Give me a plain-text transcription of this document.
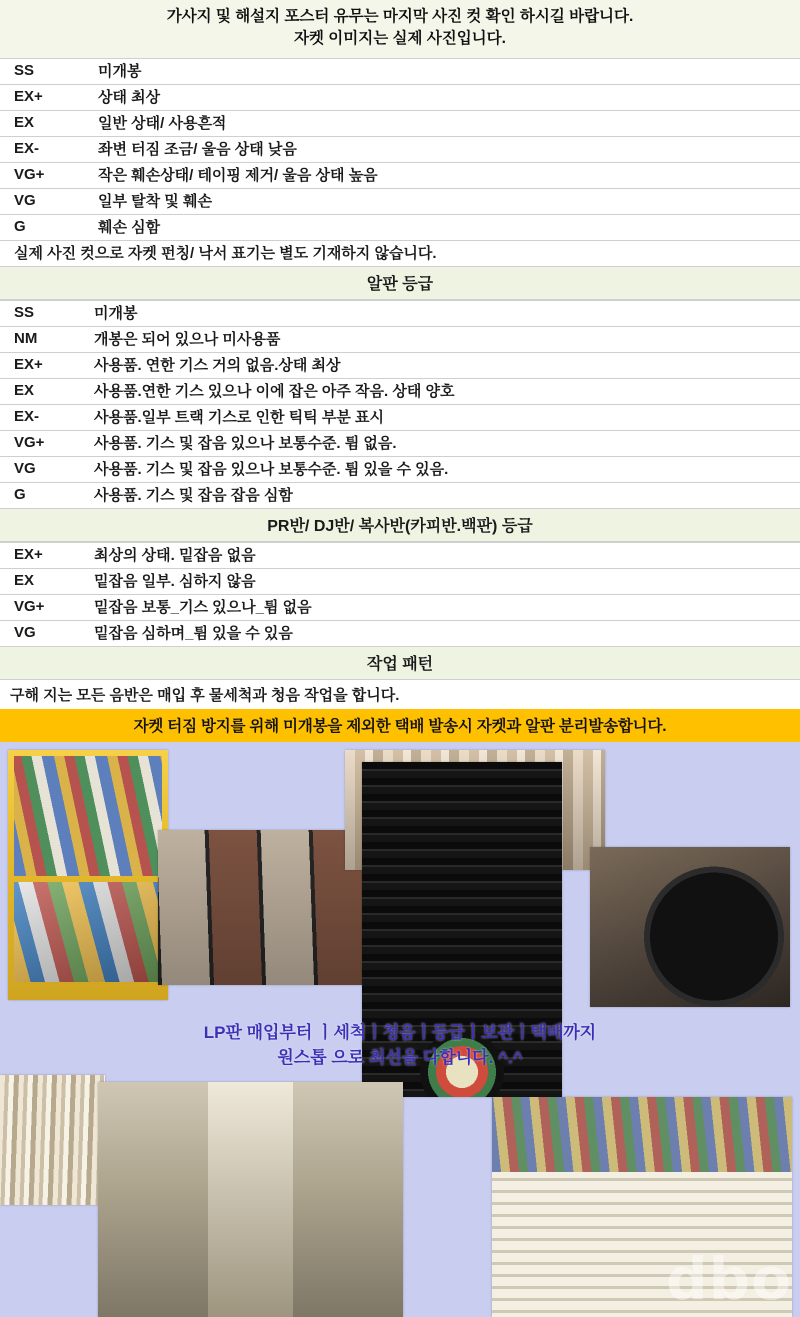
가사지 및 해설지 포스터 유무는 마지막 사진 컷 확인 하시길 바랍니다.
자켓 이미지는 실제 사진입니다.
SS	미개봉
EX+	상태 최상
EX	일반 상태/ 사용흔적
EX-	좌변 터짐 조금/ 울음 상태 낮음
VG+	작은 훼손상태/ 테이핑 제거/ 울음 상태 높음
VG	일부 탈착 및 훼손
G	훼손 심함
실제 사진 컷으로 자켓 펀칭/ 낙서 표기는 별도 기재하지 않습니다.	
알판 등급	
SS	미개봉
NM	개봉은 되어 있으나 미사용품
EX+	사용품. 연한 기스 거의 없음.상태 최상
EX	사용품.연한 기스 있으나 이에 잡은 아주 작음. 상태 양호
EX-	사용품.일부 트랙 기스로 인한 틱틱 부분 표시
VG+	사용품. 기스 및 잡음 있으나 보통수준. 튐 없음.
VG	사용품. 기스 및 잡음 있으나 보통수준. 튐 있을 수 있음.
G	사용품. 기스 및 잡음 잡음 심함
PR반/ DJ반/ 복사반(카피반.백판) 등급	
EX+	최상의 상태. 밑잡음 없음
EX	밑잡음 일부. 심하지 않음
VG+	밑잡음 보통_기스 있으나_튐 없음
VG	밑잡음 심하며_튐 있을 수 있음
작업 패턴	
구해 지는 모든 음반은 매입 후 물세척과 청음 작업을 합니다.
자켓 터짐 방지를 위해 미개봉을 제외한 택배 발송시 자켓과 알판 분리발송합니다.
LP판 매입부터 ㅣ세척ㅣ청음ㅣ등급ㅣ보관ㅣ택배까지
원스톱 으로 최선을 다합니다. ^.^
dbo
